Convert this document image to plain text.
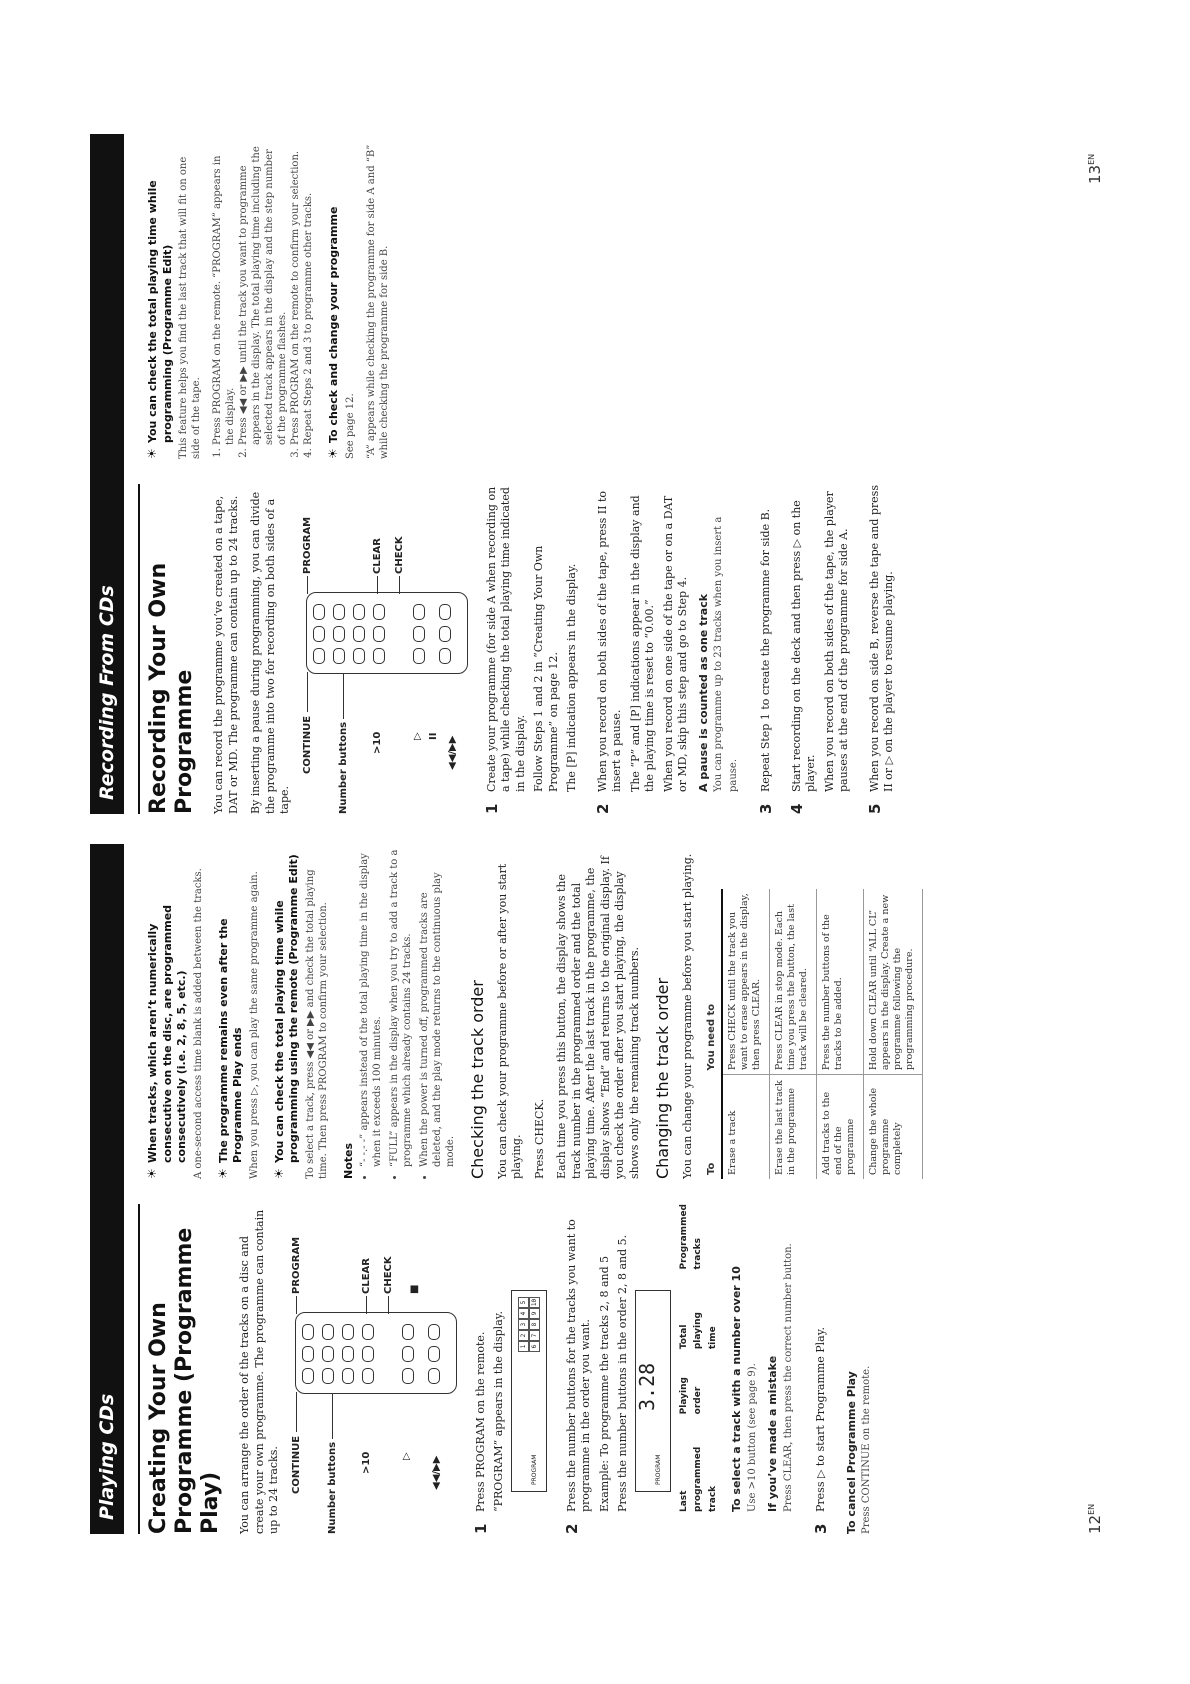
Playing CDs
$12^{EN}$
Creating Your Own Programme (Programme Play) You can arrange the order of the tracks on a disc and create your own programme. The programme can contain up to 24 tracks. CONTINUE
PROGRAM
Number buttons >10
CLEAR CHECK
▷
■
◀◀/▶▶
1

Press PROGRAM on the remote. “PROGRAM” appears in the display.	PROGRAM
1
2
3
4
5
6
7
8
9
10
2

Press the number buttons for the tracks you want to programme in the order you want. Example: To programme the tracks 2, 8 and 5 Press the number buttons in the order 2, 8 and 5. 3.28
PROGRAM
Last programmed track
Playing order
Total playing time
Programmed tracks
To select a track with a number over 10 Use >10 button (see page 9). If you’ve made a mistake Press CLEAR, then press the correct number button.
3

Press ▷ to start Programme Play. To cancel Programme Play Press CONTINUE on the remote.
☀ When tracks, which aren’t numerically consecutive on the disc, are programmed consecutively (i.e. 2, 8, 5, etc.) A one-second access time blank is added between the tracks. ☀ The programme remains even after the Programme Play ends When you press ▷, you can play the same programme again. ☀ You can check the total playing time while programming using the remote (Programme Edit) To select a track, press ◀◀ or ▶▶ and check the total playing time. Then press PROGRAM to confirm your selection. Notes • “- -.- -” appears instead of the total playing time in the display when it exceeds 100 minutes. • “FULL” appears in the display when you try to add a track to a programme which already contains 24 tracks. • When the power is turned off, programmed tracks are deleted, and the play mode returns to the continuous play mode. Checking the track order You can check your programme before or after you start playing. Press CHECK. Each time you press this button, the display shows the track number in the programmed order and the total playing time. After the last track in the programme, the display shows “End” and returns to the original display. If you check the order after you start playing, the display shows only the remaining track numbers. Changing the track order You can change your programme before you start playing. To	You need to
Erase a track	Press CHECK until the track you want to erase appears in the display, then press CLEAR.
Erase the last track in the programme	Press CLEAR in stop mode. Each time you press the button, the last track will be cleared.
Add tracks to the end of the programme	Press the number buttons of the tracks to be added.
Change the whole programme completely	Hold down CLEAR until “ALL CL” appears in the display. Create a new programme following the programming procedure.
Recording From CDs
$13^{EN}$
Recording Your Own Programme You can record the programme you’ve created on a tape, DAT or MD. The programme can contain up to 24 tracks. By inserting a pause during programming, you can divide the programme into two for recording on both sides of a tape.

CONTINUE
PROGRAM
Number buttons >10
CLEAR CHECK
▷ II ◀◀/▶▶
1

Create your programme (for side A when recording on a tape) while checking the total playing time indicated in the display. Follow Steps 1 and 2 in “Creating Your Own Programme” on page 12. The [P] indication appears in the display.

2

When you record on both sides of the tape, press II to insert a pause. The “P” and [P] indications appear in the display and the playing time is reset to “0.00.” When you record on one side of the tape or on a DAT or MD, skip this step and go to Step 4. A pause is counted as one track You can programme up to 23 tracks when you insert a pause.
3

Repeat Step 1 to create the programme for side B.

4

Start recording on the deck and then press ▷ on the player. When you record on both sides of the tape, the player pauses at the end of the programme for side A.

5

When you record on side B, reverse the tape and press II or ▷ on the player to resume playing.

☀ You can check the total playing time while programming (Programme Edit) This feature helps you find the last track that will fit on one side of the tape. 1. Press PROGRAM on the remote. “PROGRAM” appears in the display. 2. Press ◀◀ or ▶▶ until the track you want to programme appears in the display. The total playing time including the selected track appears in the display and the step number of the programme flashes. 3. Press PROGRAM on the remote to confirm your selection. 4. Repeat Steps 2 and 3 to programme other tracks. ☀ To check and change your programme See page 12. “A” appears while checking the programme for side A and “B” while checking the programme for side B.
